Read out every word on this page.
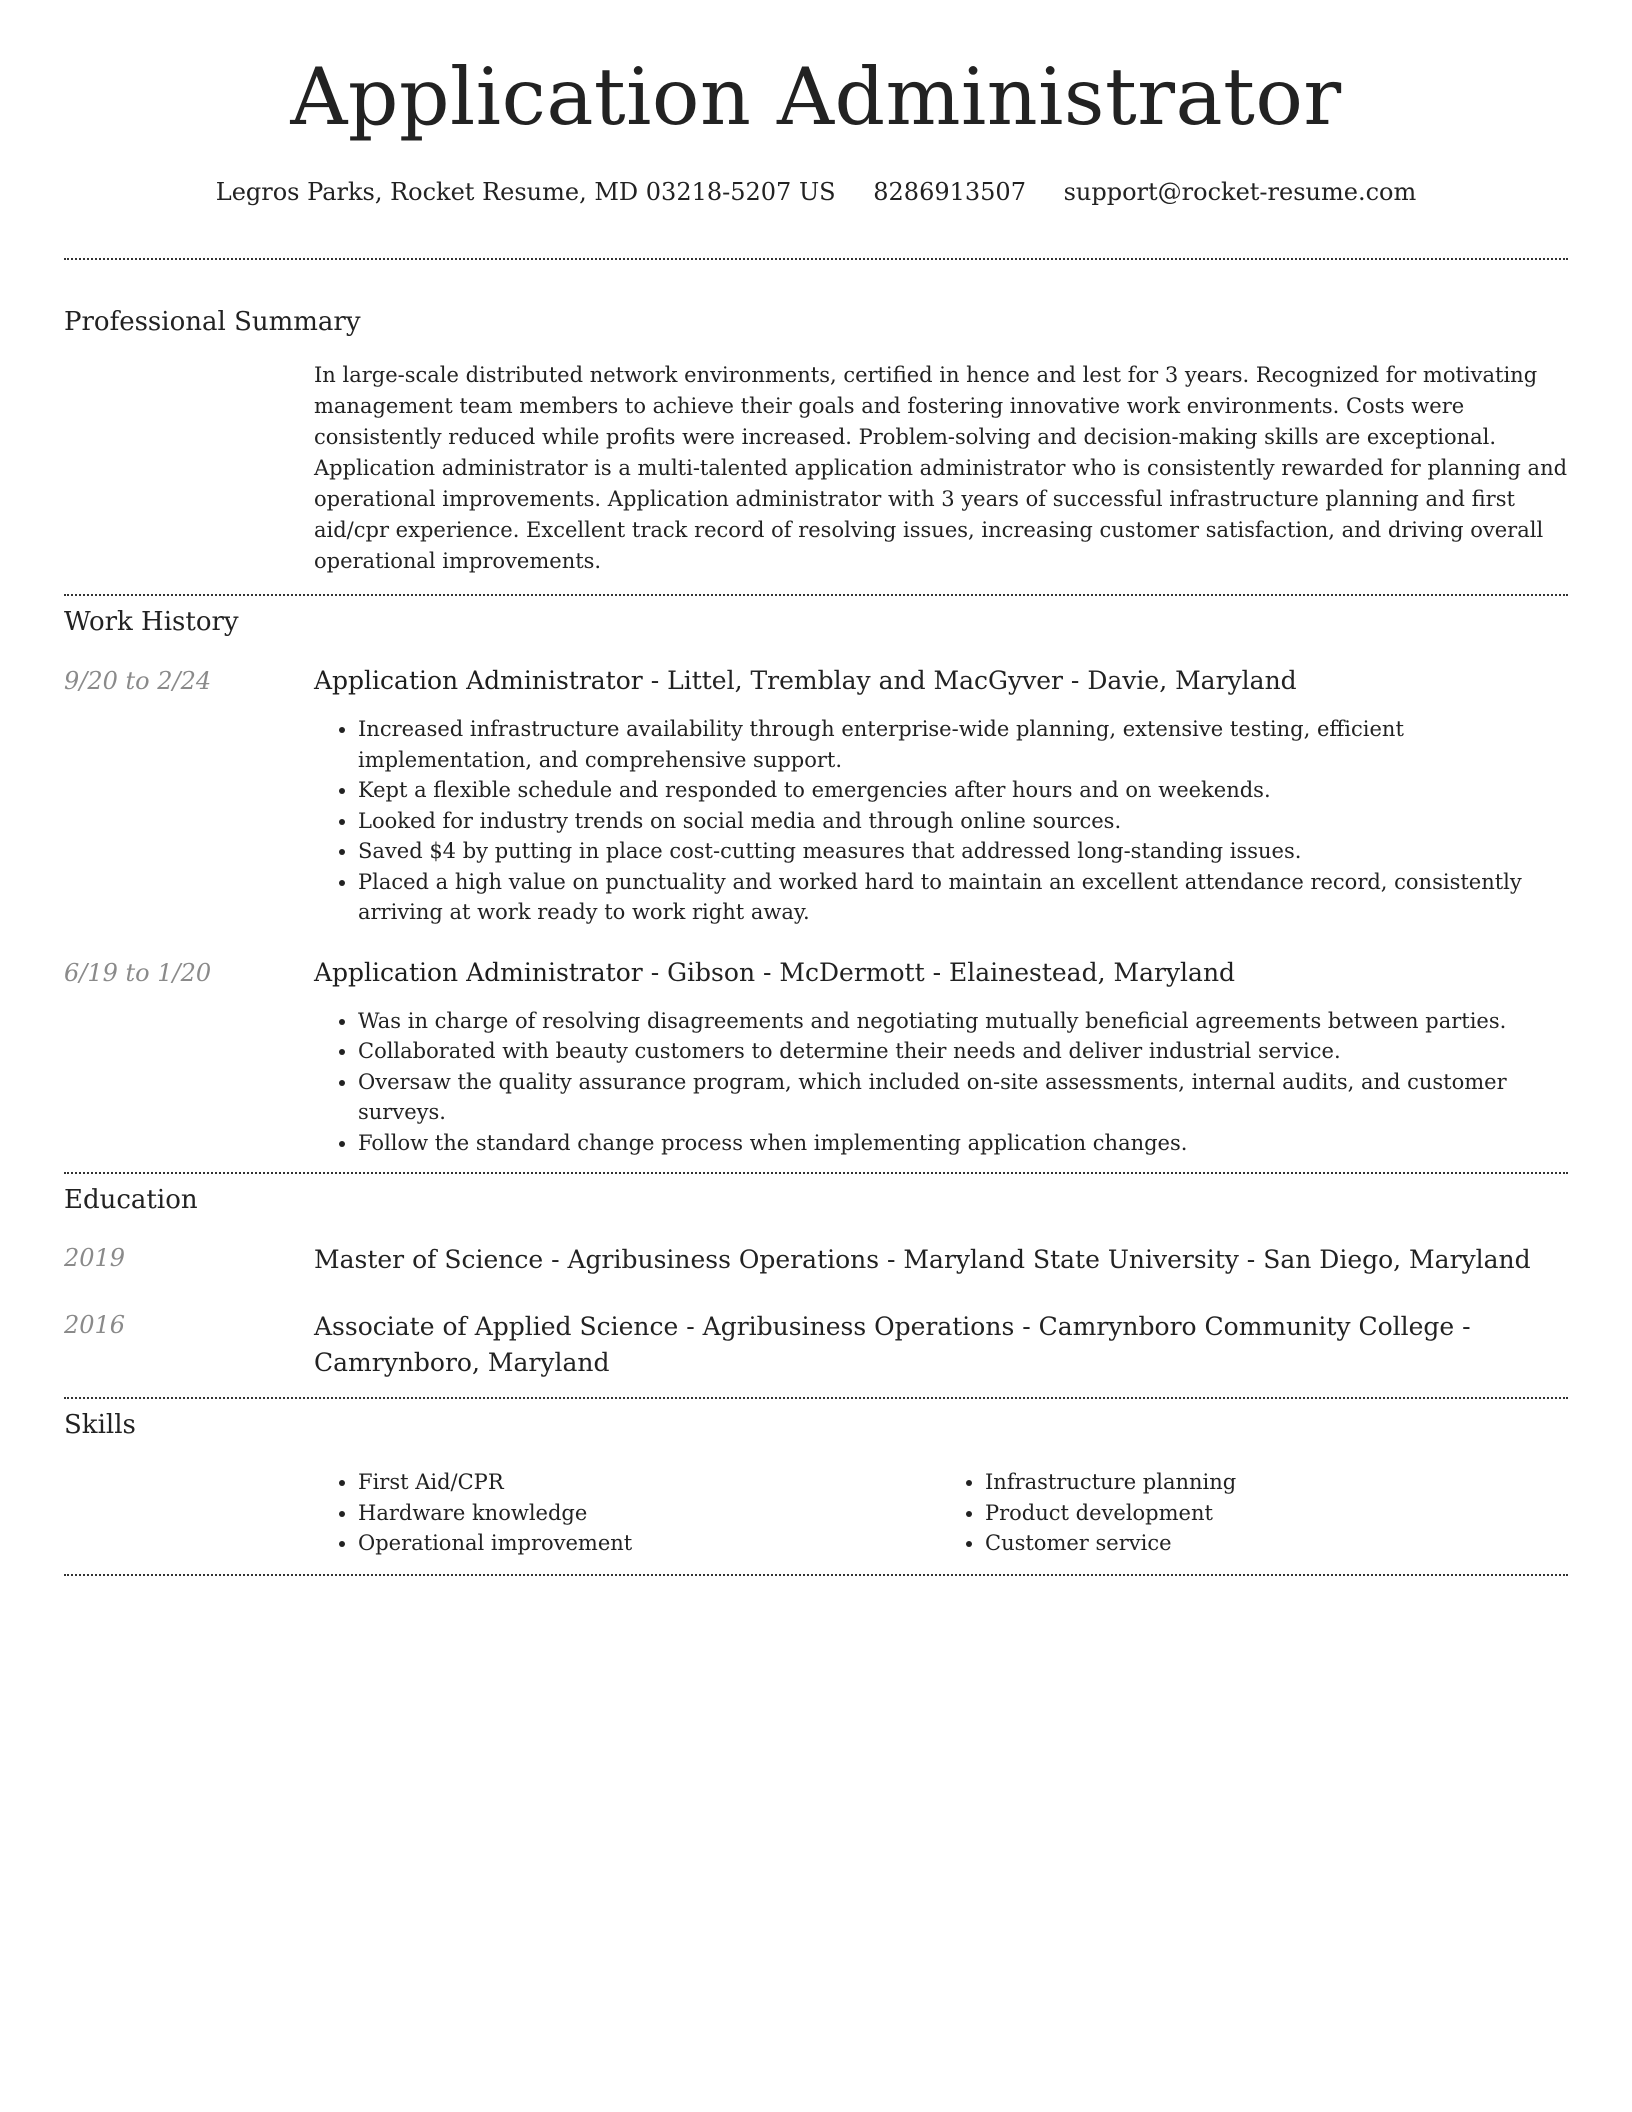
Application Administrator
Legros Parks, Rocket Resume, MD 03218-5207 US 8286913507 support@rocket-resume.com
Professional Summary

In large-scale distributed network environments, certified in hence and lest for 3 years. Recognized for motivating management team members to achieve their goals and fostering innovative work environments. Costs were consistently reduced while profits were increased. Problem-solving and decision-making skills are exceptional. Application administrator is a multi-talented application administrator who is consistently rewarded for planning and operational improvements. Application administrator with 3 years of successful infrastructure planning and first aid/cpr experience. Excellent track record of resolving issues, increasing customer satisfaction, and driving overall operational improvements.

Work History
9/20 to 2/24	Application Administrator - Littel, Tremblay and MacGyver - Davie, Maryland
• Increased infrastructure availability through enterprise-wide planning, extensive testing, efficient implementation, and comprehensive support.
• Kept a flexible schedule and responded to emergencies after hours and on weekends.
• Looked for industry trends on social media and through online sources.
• Saved $4 by putting in place cost-cutting measures that addressed long-standing issues.
• Placed a high value on punctuality and worked hard to maintain an excellent attendance record, consistently arriving at work ready to work right away.
6/19 to 1/20	Application Administrator - Gibson - McDermott - Elainestead, Maryland
• Was in charge of resolving disagreements and negotiating mutually beneficial agreements between parties.
• Collaborated with beauty customers to determine their needs and deliver industrial service.
• Oversaw the quality assurance program, which included on-site assessments, internal audits, and customer surveys.
• Follow the standard change process when implementing application changes.
Education
2019	Master of Science - Agribusiness Operations - Maryland State University - San Diego, Maryland
2016	Associate of Applied Science - Agribusiness Operations - Camrynboro Community College - Camrynboro, Maryland
Skills
• First Aid/CPR
• Hardware knowledge
• Operational improvement
• Infrastructure planning
• Product development
• Customer service
